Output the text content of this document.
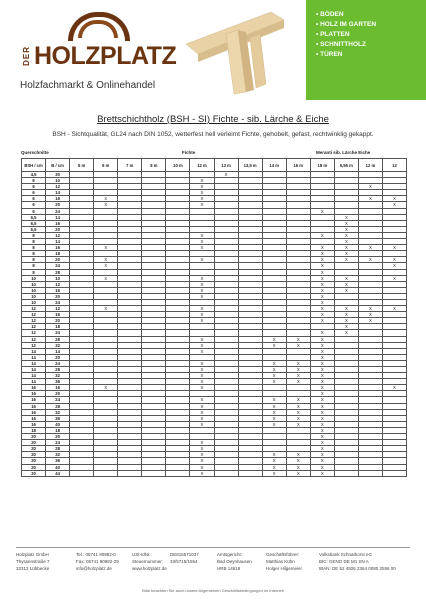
DER HOLZPLATZ
Holzfachmarkt & Onlinehandel
• BÖDEN
• HOLZ IM GARTEN
• PLATTEN
• SCHNITTHOLZ
• TÜREN
Brettschichtholz (BSH - SI) Fichte - sib. Lärche & Eiche
BSH - Sichtqualität, GL24 nach DIN 1052, wetterfest hell verleimt Fichte, gehobelt, gefast, rechtwinklig gekappt.
Querschnitte	Fichte	Meranti sib. Lärche Eiche
BSH / cm	B / cm	5 m	6 m	7 m	8 m	10 m	12 m	13 m	13,5 m	14 m	16 m	18 m	5,95 m	12 m	12
4,5	30							X							
6	10						X								
6	12						X							X	
6	14						X								
6	16		X				X							X	X
6	20		X				X								X
6	24											X			
6,5	14												X		
6,5	16												X		
6,5	20												X		
8	12						X					X	X		
8	14						X						X		
8	16		X				X					X	X	X	X
8	18											X	X		
8	20		X				X					X	X	X	X
8	24		X									X			X
8	28											X			
10	10		X				X					X	X		X
10	12						X					X	X		
10	16						X					X	X		
10	20						X					X			
10	24											X			
12	12		X				X					X	X	X	X
12	16						X					X	X	X	
12	20						X					X	X	X	
12	18												X		
12	24											X	X		
12	28						X			X	X	X			
12	32						X			X	X	X			
14	14						X					X			
14	20											X			
14	24						X			X	X	X			
14	28						X			X	X	X			
14	32						X			X	X	X			
14	36						X			X	X	X			
16	16		X				X					X			X
16	20											X			
16	24						X			X	X	X			
16	28						X			X	X	X			
16	32						X			X	X	X			
16	36						X			X	X	X			
16	40						X			X	X	X			
18	18											X			
20	20											X			
20	24						X					X			
20	28						X					X			
20	32						X			X	X	X			
20	36						X			X	X	X			
20	40						X			X	X	X			
20	44						X			X	X	X			
Holzplatz GmbH
Thyssenstraße 7
32312 Lübbecke
Tel.: 05741 90982-0
Fax: 05741 90982-29
info@holzplatz.de
USt-IdNr.:
Steuernummer:
www.holzplatz.de
DE815571037
33/5715/1554
Amtsgericht:
Bad Oeynhausen
HRB 14618
Geschäftsführer:
Matthias Kühn
Holger Hilgemeier
Volksbank Schnathorst eG
BIC: GENO DE M1 SN A
IBAN: DE 52 4926 2364 0080 2556 00
Bitte beachten Sie auch unsere Allgemeinen Geschäftsbedingungen im Internet!
